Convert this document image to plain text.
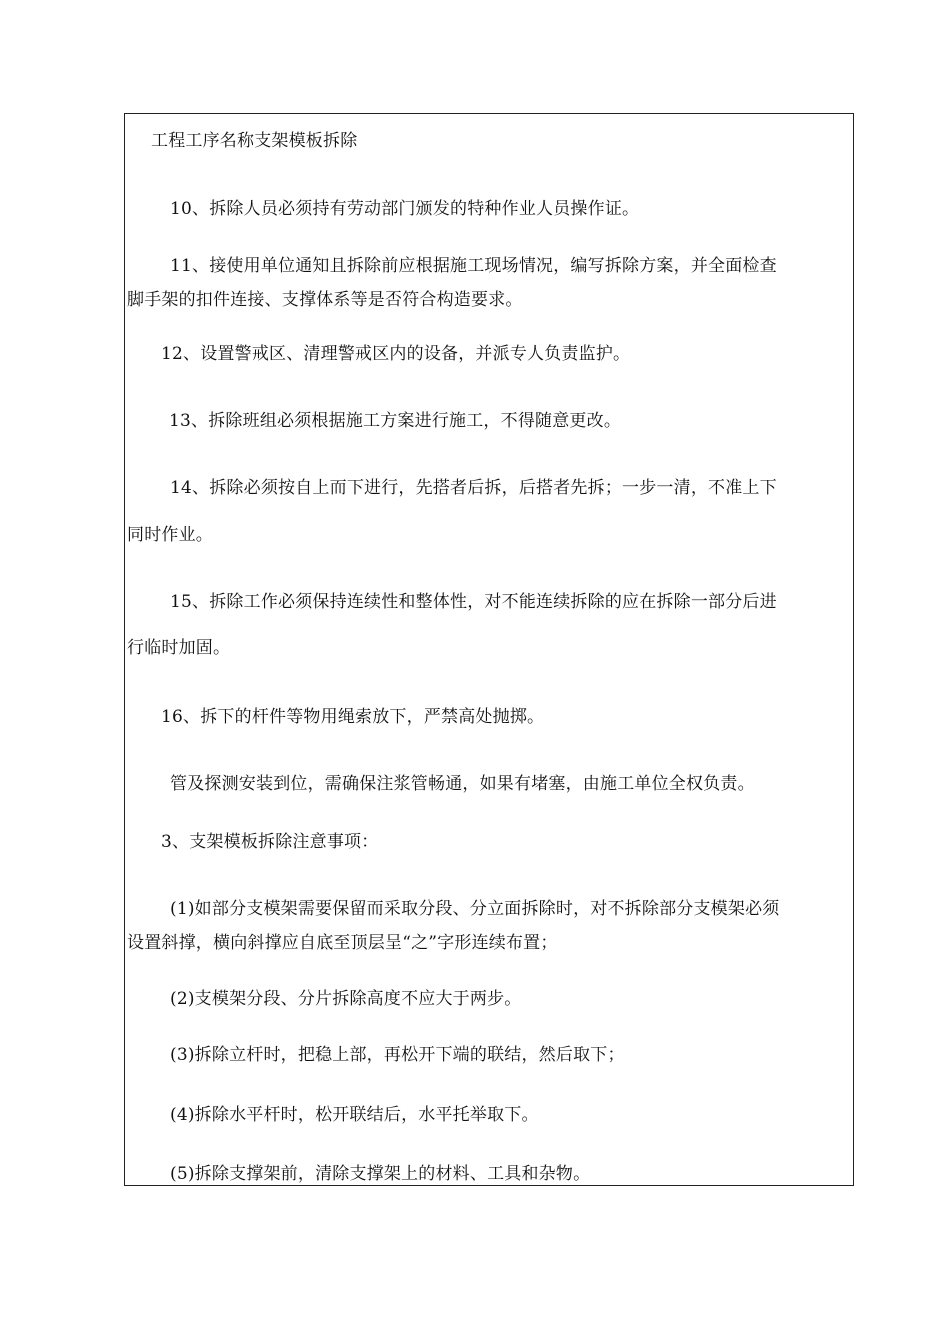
工程工序名称支架模板拆除
10、拆除人员必须持有劳动部门颁发的特种作业人员操作证。
11、接使用单位通知且拆除前应根据施工现场情况，编写拆除方案，并全面检查
脚手架的扣件连接、支撑体系等是否符合构造要求。
12、设置警戒区、清理警戒区内的设备，并派专人负责监护。
13、拆除班组必须根据施工方案进行施工，不得随意更改。
14、拆除必须按自上而下进行，先搭者后拆，后搭者先拆；一步一清，不准上下
同时作业。
15、拆除工作必须保持连续性和整体性，对不能连续拆除的应在拆除一部分后进
行临时加固。
16、拆下的杆件等物用绳索放下，严禁高处抛掷。
管及探测安装到位，需确保注浆管畅通，如果有堵塞，由施工单位全权负责。
3、支架模板拆除注意事项：
(1)如部分支模架需要保留而采取分段、分立面拆除时，对不拆除部分支模架必须
设置斜撑，横向斜撑应自底至顶层呈“之”字形连续布置；
(2)支模架分段、分片拆除高度不应大于两步。
(3)拆除立杆时，把稳上部，再松开下端的联结，然后取下；
(4)拆除水平杆时，松开联结后，水平托举取下。
(5)拆除支撑架前，清除支撑架上的材料、工具和杂物。
